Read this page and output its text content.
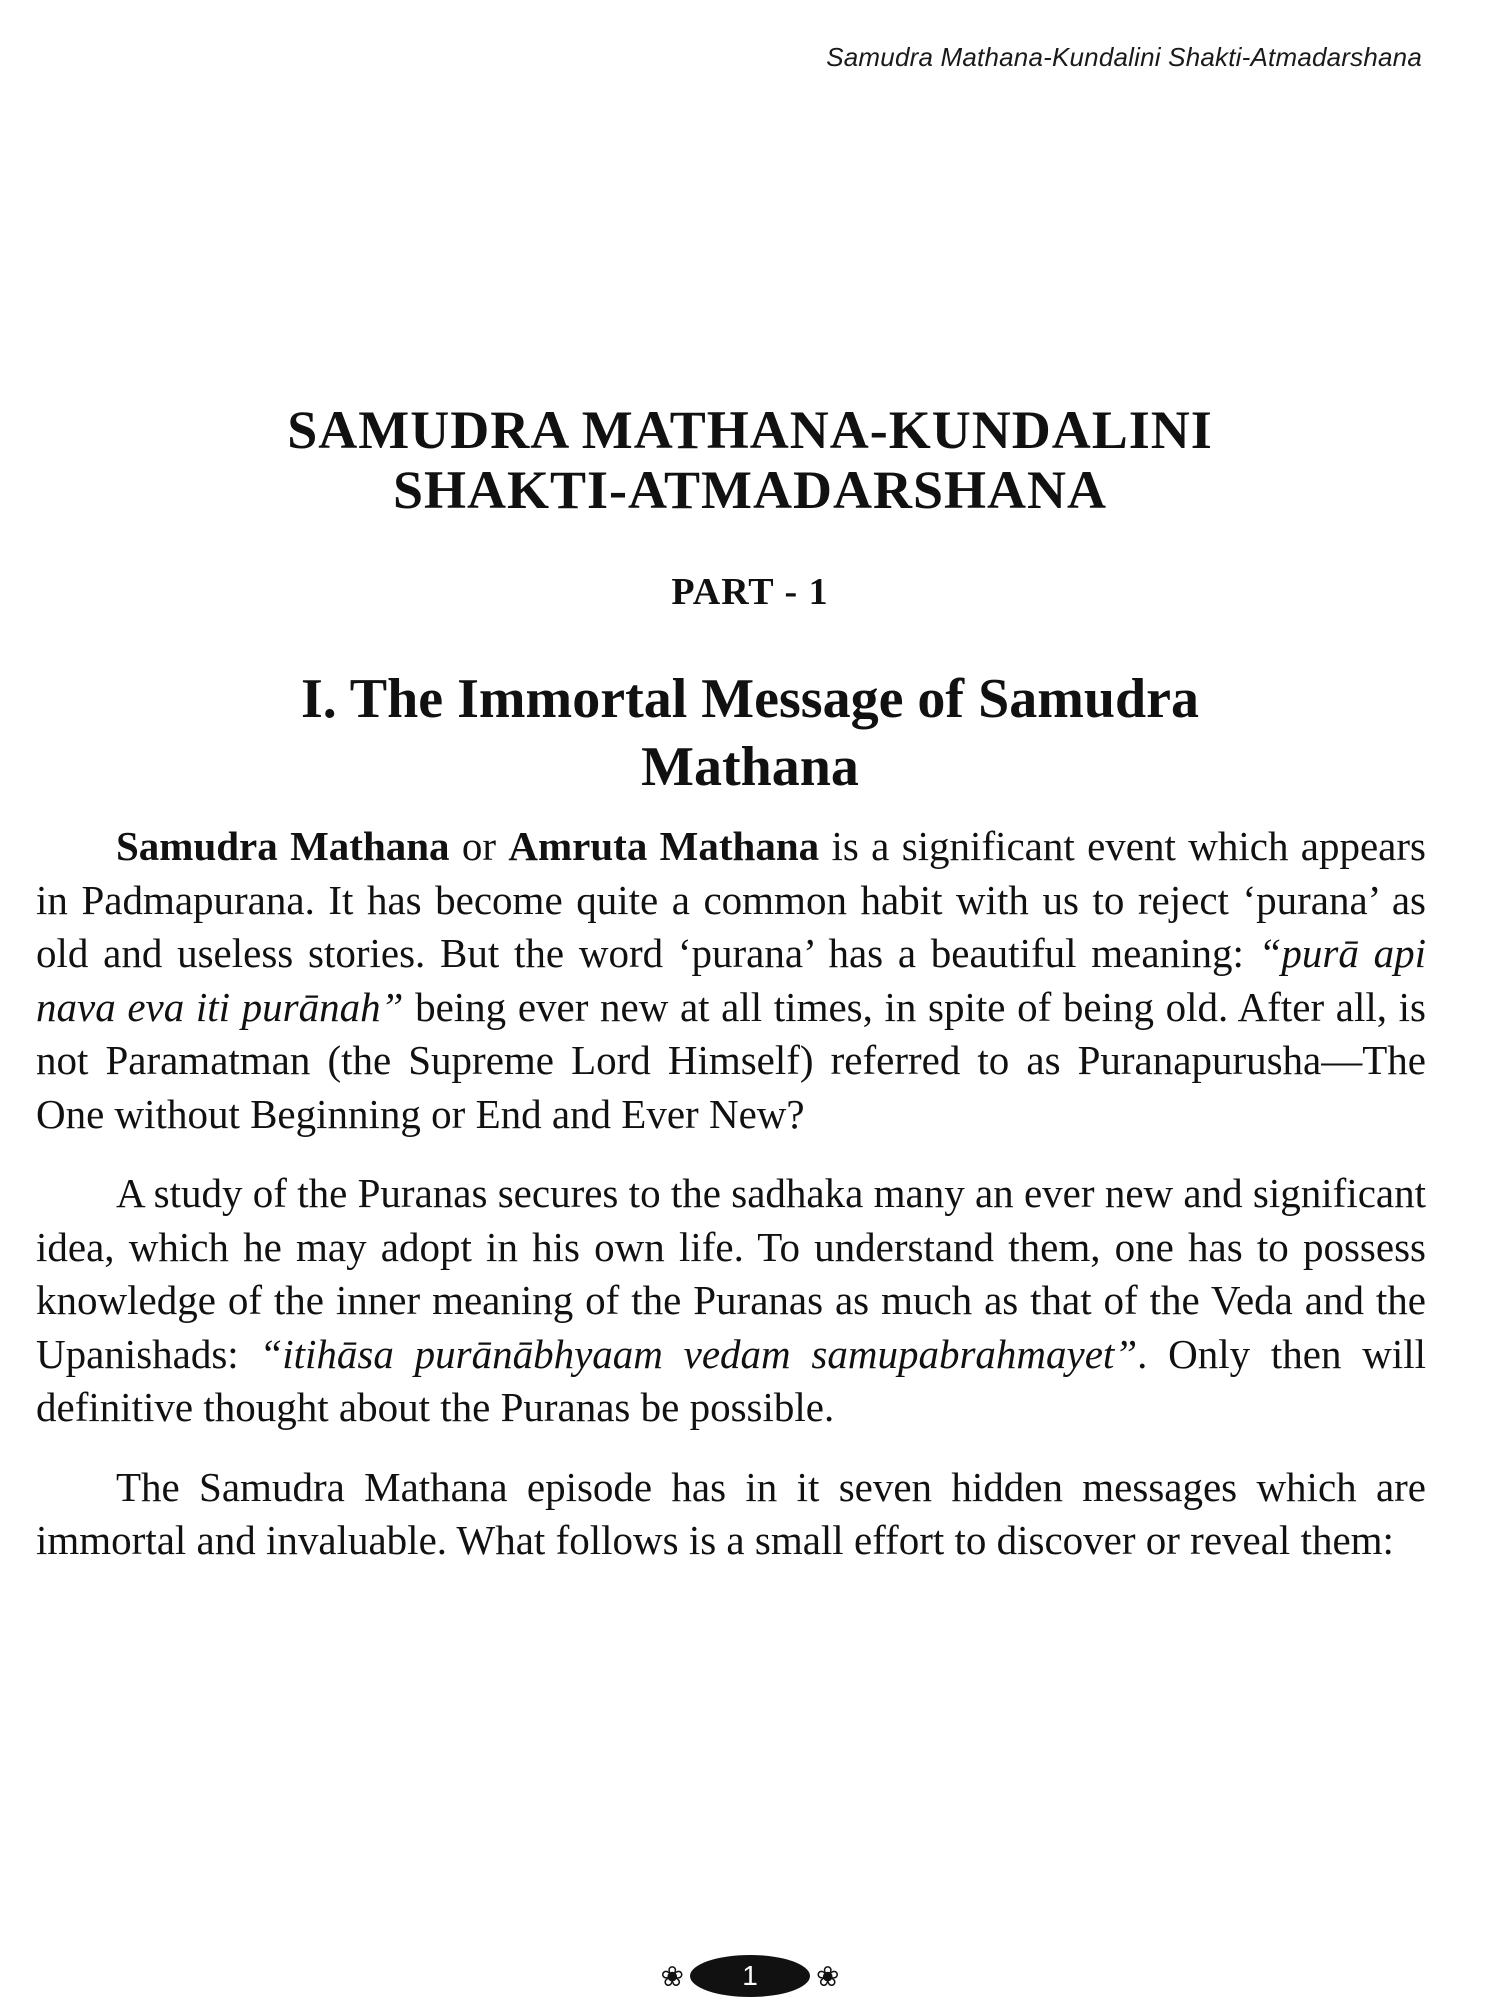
Samudra Mathana-Kundalini Shakti-Atmadarshana
SAMUDRA MATHANA-KUNDALINI
SHAKTI-ATMADARSHANA
PART - 1
I. The Immortal Message of Samudra
Mathana

Samudra Mathana or Amruta Mathana is a significant event which appears in Padmapurana. It has become quite a common habit with us to reject ‘purana’ as old and useless stories. But the word ‘purana’ has a beautiful meaning: “purā api nava eva iti purānah” being ever new at all times, in spite of being old. After all, is not Paramatman (the Supreme Lord Himself) referred to as Puranapurusha—The One without Beginning or End and Ever New?

A study of the Puranas secures to the sadhaka many an ever new and significant idea, which he may adopt in his own life. To understand them, one has to possess knowledge of the inner meaning of the Puranas as much as that of the Veda and the Upanishads: “itihāsa purānābhyaam vedam samupabrahmayet”. Only then will definitive thought about the Puranas be possible.

The Samudra Mathana episode has in it seven hidden messages which are immortal and invaluable. What follows is a small effort to discover or reveal them:

❀	1	❀
